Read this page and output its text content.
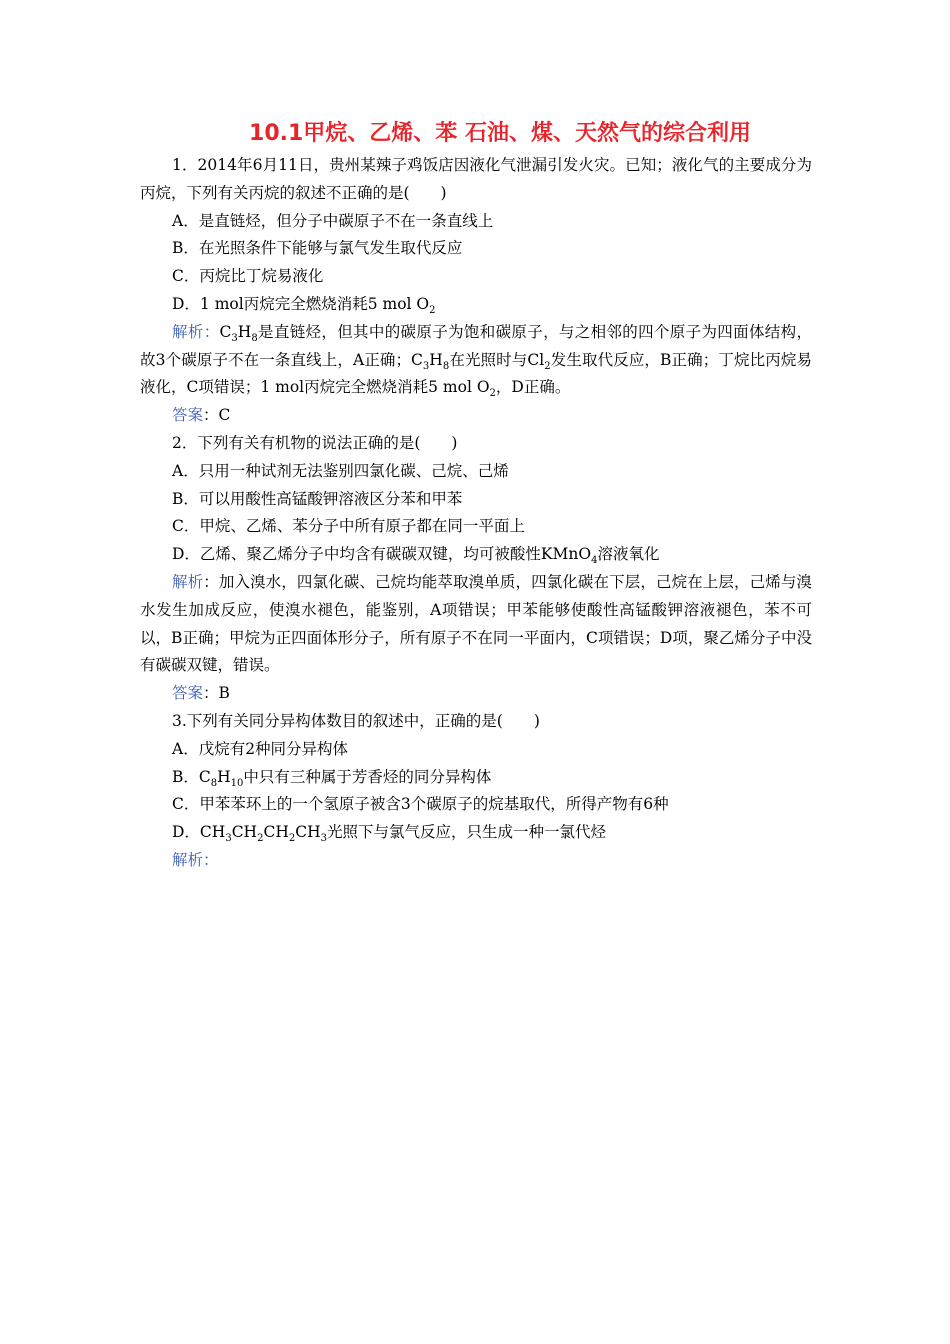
10.1甲烷、乙烯、苯 石油、煤、天然气的综合利用

1．2014年6月11日，贵州某辣子鸡饭店因液化气泄漏引发火灾。已知；液化气的主要成分为丙烷，下列有关丙烷的叙述不正确的是(　　)

A．是直链烃，但分子中碳原子不在一条直线上

B．在光照条件下能够与氯气发生取代反应

C．丙烷比丁烷易液化

D．1 mol丙烷完全燃烧消耗5 mol $O_2$

解析：$C_3H_8$是直链烃，但其中的碳原子为饱和碳原子，与之相邻的四个原子为四面体结构，故3个碳原子不在一条直线上，A正确；$C_3H_8$在光照时与$Cl_2$发生取代反应，B正确；丁烷比丙烷易液化，C项错误；1 mol丙烷完全燃烧消耗5 mol $O_2$，D正确。

答案：C

2．下列有关有机物的说法正确的是(　　)

A．只用一种试剂无法鉴别四氯化碳、己烷、己烯

B．可以用酸性高锰酸钾溶液区分苯和甲苯

C．甲烷、乙烯、苯分子中所有原子都在同一平面上

D．乙烯、聚乙烯分子中均含有碳碳双键，均可被酸性KMnO$_4$溶液氧化

解析：加入溴水，四氯化碳、己烷均能萃取溴单质，四氯化碳在下层，己烷在上层，己烯与溴水发生加成反应，使溴水褪色，能鉴别，A项错误；甲苯能够使酸性高锰酸钾溶液褪色，苯不可以，B正确；甲烷为正四面体形分子，所有原子不在同一平面内，C项错误；D项，聚乙烯分子中没有碳碳双键，错误。

答案：B

3.下列有关同分异构体数目的叙述中，正确的是(　　)

A．戊烷有2种同分异构体

B．$C_8H_{10}$中只有三种属于芳香烃的同分异构体

C．甲苯苯环上的一个氢原子被含3个碳原子的烷基取代，所得产物有6种

D．$CH_3CH_2CH_2CH_3$光照下与氯气反应，只生成一种一氯代烃

解析：
